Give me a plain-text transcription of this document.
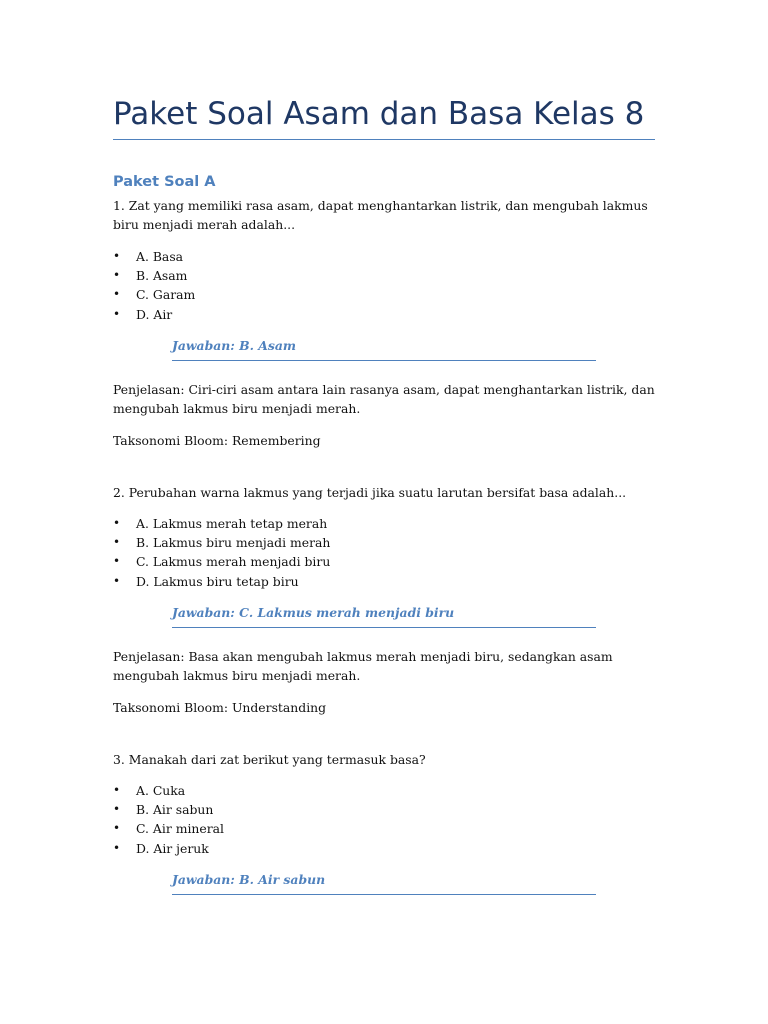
Paket Soal Asam dan Basa Kelas 8
Paket Soal A

1. Zat yang memiliki rasa asam, dapat menghantarkan listrik, dan mengubah lakmus biru menjadi merah adalah...

• A. Basa
• B. Asam
• C. Garam
• D. Air
Jawaban: B. Asam

Penjelasan: Ciri-ciri asam antara lain rasanya asam, dapat menghantarkan listrik, dan mengubah lakmus biru menjadi merah.

Taksonomi Bloom: Remembering

2. Perubahan warna lakmus yang terjadi jika suatu larutan bersifat basa adalah...

• A. Lakmus merah tetap merah
• B. Lakmus biru menjadi merah
• C. Lakmus merah menjadi biru
• D. Lakmus biru tetap biru
Jawaban: C. Lakmus merah menjadi biru

Penjelasan: Basa akan mengubah lakmus merah menjadi biru, sedangkan asam mengubah lakmus biru menjadi merah.

Taksonomi Bloom: Understanding

3. Manakah dari zat berikut yang termasuk basa?

• A. Cuka
• B. Air sabun
• C. Air mineral
• D. Air jeruk
Jawaban: B. Air sabun
